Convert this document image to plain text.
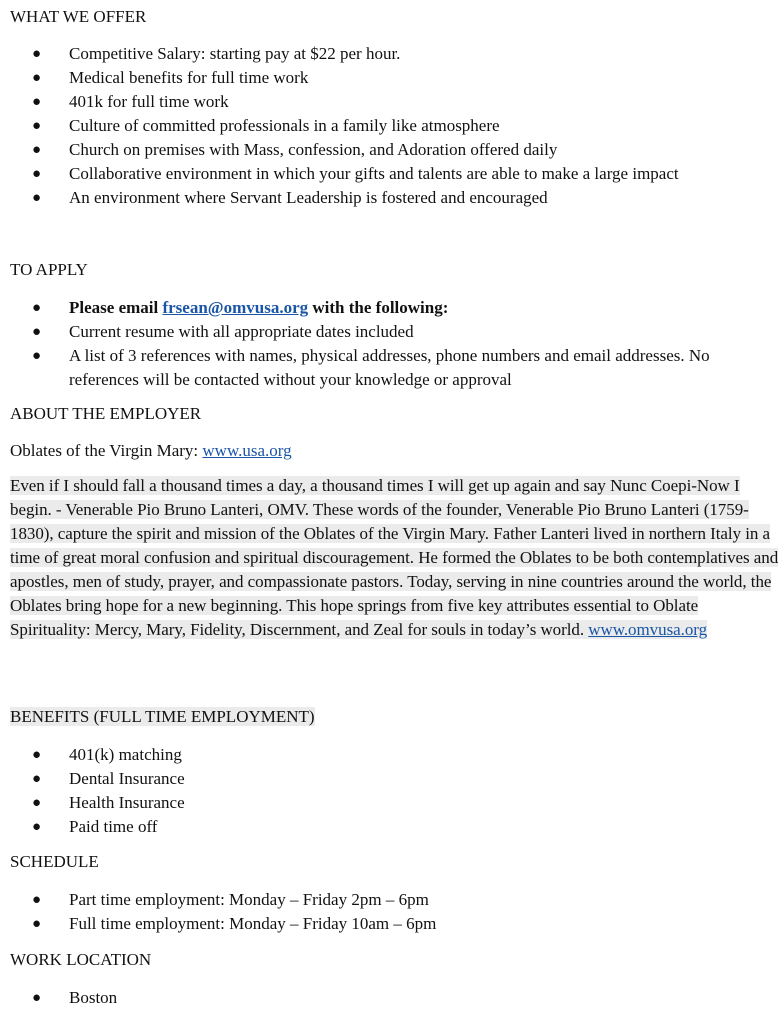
WHAT WE OFFER
● Competitive Salary: starting pay at $22 per hour.
● Medical benefits for full time work
● 401k for full time work
● Culture of committed professionals in a family like atmosphere
● Church on premises with Mass, confession, and Adoration offered daily
● Collaborative environment in which your gifts and talents are able to make a large impact
● An environment where Servant Leadership is fostered and encouraged
TO APPLY
● Please email frsean@omvusa.org with the following:
● Current resume with all appropriate dates included
● A list of 3 references with names, physical addresses, phone numbers and email addresses. No references will be contacted without your knowledge or approval
ABOUT THE EMPLOYER
Oblates of the Virgin Mary: www.usa.org
Even if I should fall a thousand times a day, a thousand times I will get up again and say Nunc Coepi-Now I begin. - Venerable Pio Bruno Lanteri, OMV. These words of the founder, Venerable Pio Bruno Lanteri (1759-1830), capture the spirit and mission of the Oblates of the Virgin Mary. Father Lanteri lived in northern Italy in a time of great moral confusion and spiritual discouragement. He formed the Oblates to be both contemplatives and apostles, men of study, prayer, and compassionate pastors. Today, serving in nine countries around the world, the Oblates bring hope for a new beginning. This hope springs from five key attributes essential to Oblate Spirituality: Mercy, Mary, Fidelity, Discernment, and Zeal for souls in today’s world. www.omvusa.org
BENEFITS (FULL TIME EMPLOYMENT)
● 401(k) matching
● Dental Insurance
● Health Insurance
● Paid time off
SCHEDULE
● Part time employment: Monday – Friday 2pm – 6pm
● Full time employment: Monday – Friday 10am – 6pm
WORK LOCATION
● Boston
